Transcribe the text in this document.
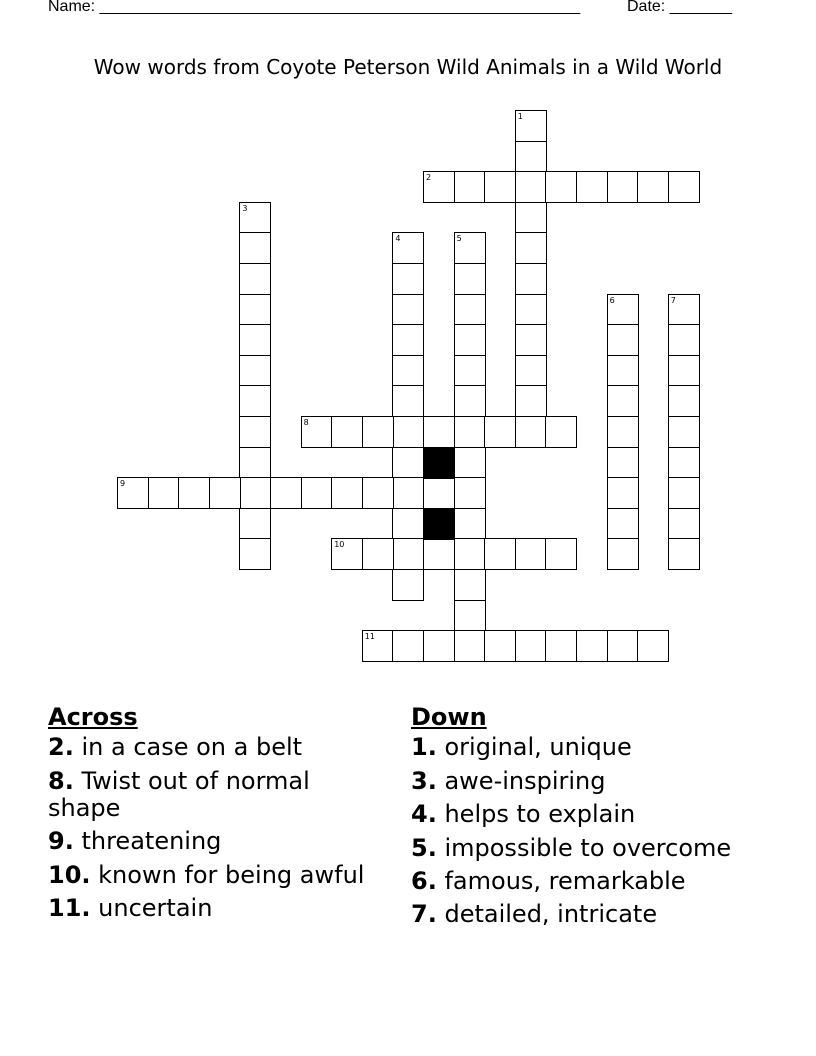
Name: ______________________________________________________	Date: _______
Wow words from Coyote Peterson Wild Animals in a Wild World
1
2
3
4	5
6	7
8
9
10
11
Across
2. in a case on a belt
8. Twist out of normal shape
9. threatening
10. known for being awful
11. uncertain
Down
1. original, unique
3. awe-inspiring
4. helps to explain
5. impossible to overcome
6. famous, remarkable
7. detailed, intricate
